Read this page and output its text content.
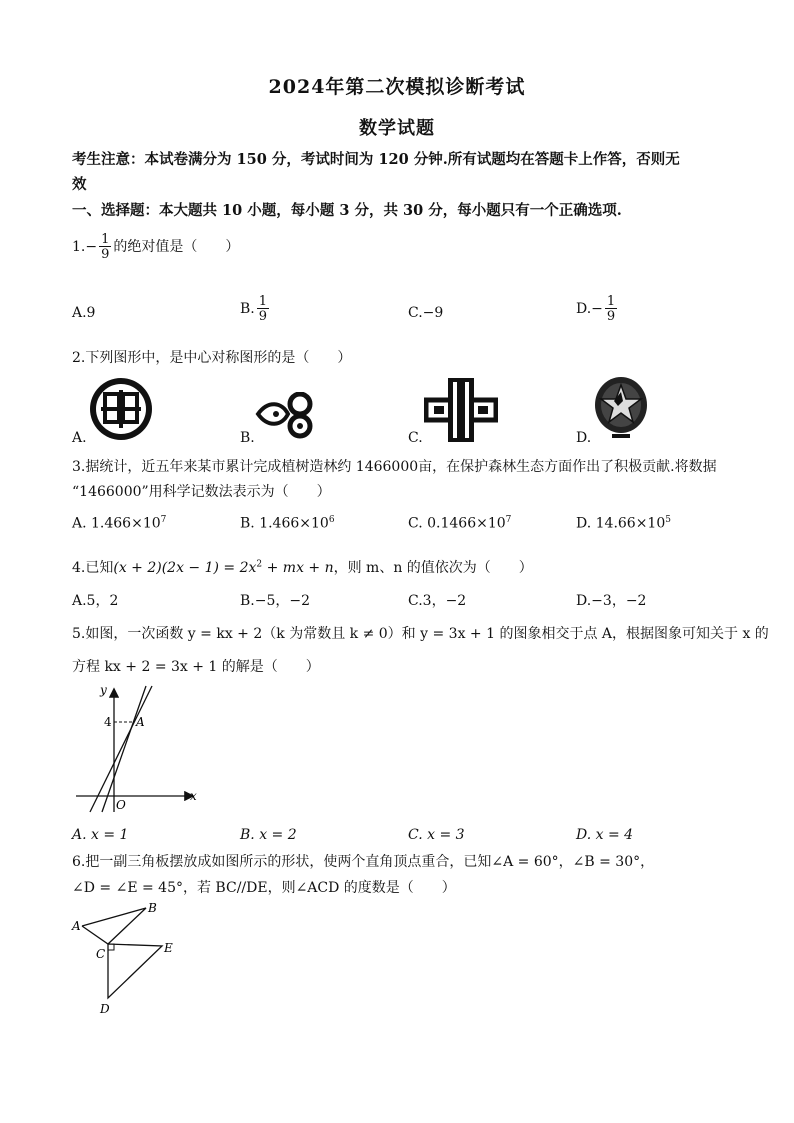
2024年第二次模拟诊断考试
数学试题
考生注意：本试卷满分为 150 分，考试时间为 120 分钟.所有试题均在答题卡上作答，否则无
效
一、选择题：本大题共 10 小题，每小题 3 分，共 30 分，每小题只有一个正确选项.
$1.- \frac{1}{9}$ 的绝对值是（　　）
A.9	B. $\frac{1}{9}$	C.−9	$D.- \frac{1}{9}$
2.下列图形中，是中心对称图形的是（　　）
A.	B.	C.	D.
3.据统计，近五年来某市累计完成植树造林约 1466000亩，在保护森林生态方面作出了积极贡献.将数据
“1466000”用科学记数法表示为（　　）
A. $1.466\times 10^7$	B. $1.466\times 10^6$	C. $0.1466\times 10^7$	D. $14.66\times 10^5$
4.已知$(x + 2)(2x - 1) = 2x^2$ + mx + n，则 m、n 的值依次为（　　）
A.5，2	B.−5，−2	C.3，−2	D.−3，−2
5.如图，一次函数 y = kx + 2（k 为常数且 k ≠ 0）和 y = 3x + 1 的图象相交于点 A，根据图象可知关于 x 的
方程 kx + 2 = 3x + 1 的解是（　　）
y
x
O
4 A
A. x = 1	B. x = 2	C. x = 3	D. x = 4
6.把一副三角板摆放成如图所示的形状，使两个直角顶点重合，已知∠A = 60°，∠B = 30°，
∠D = ∠E = 45°，若 BC//DE，则∠ACD 的度数是（　　）
A
B
C
D
E
